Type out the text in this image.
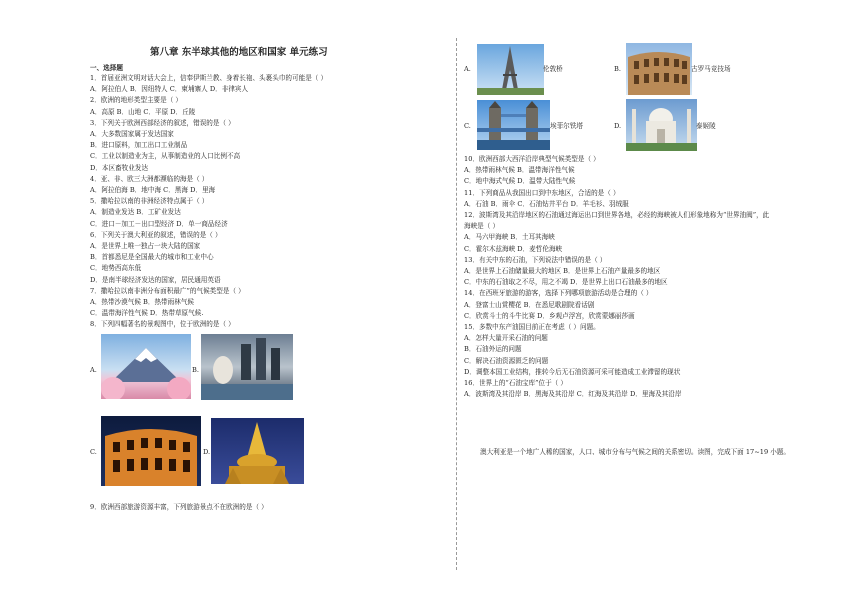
第八章 东半球其他的地区和国家 单元练习
一、选择题
1．首届亚洲文明对话大会上，信奉伊斯兰教、身着长袍、头裹头巾的可能是（ ）
A．阿拉伯人 B．因纽特人 C．柬埔寨人 D．非律宾人
2．欧洲的地形类型主要是（ ）
A．高原 B．山地 C．平原 D．丘陵
3．下列关于欧洲西部经济的叙述，错误的是（ ）
A．大多数国家属于发达国家
B．进口原料，加工出口工业制品
C．工业以制造业为主，从事制造业的人口比例不高
D．本区畜牧业发达
4．亚、非、欧三大洲都濒临的海是（ ）
A．阿拉伯海 B．地中海 C．黑海 D．里海
5．撒哈拉以南的非洲经济特点属于（ ）
A．制造业发达 B．工矿业发达
C．进口－加工－出口型经济 D．单一商品经济
6．下列关于澳大利亚的叙述，错误的是（ ）
A．是世界上唯一独占一块大陆的国家
B．首都悉尼是全国最大的城市和工业中心
C．地势西高东低
D．是南半球经济发达的国家，居民通用英语
7．撒哈拉以南非洲分布面积最广”的气候类型是（ ）
A．热带沙漠气候 B．热带雨林气候
C．温带海洋性气候 D．热带草原气候.
8．下列四幅著名的景观图中，位于欧洲的是（ ）
A.	B.
C.	D.
9．欧洲西部旅游资源丰富，下列旅游景点不在欧洲的是（ ）
A.	伦敦桥	B.	古罗马竞技场
C.	埃菲尔铁塔	D.	泰姬陵
10．欧洲西部大西洋沿岸典型气候类型是（ ）
A．热带雨林气候 B．温带海洋性气候
C．地中海式气候 D．温带大陆性气候
11．下列商品从我国出口到中东地区，合适的是（ ）
A．石油 B．雨伞 C．石油钻井平台 D．羊毛衫、羽绒服
12．波斯湾及其沿岸地区的石油通过海运出口到世界各地，必经的海峡被人们形象地称为“世界油阀”，此
海峡是（ ）
A．马六甲海峡 B．土耳其海峡
C．霍尔木兹海峡 D．麦哲伦海峡
13．有关中东的石油，下列说法中错误的是（ ）
A．是世界上石油储量最大的地区 B．是世界上石油产量最多的地区
C．中东的石油取之不尽，用之不竭 D．是世界上出口石油最多的地区
14．在西班牙旅游的游客，选择下列哪项旅游活动是合理的（ ）
A．登富士山赏樱花 B．在悉尼歌剧院看话剧
C．欣赏斗士的斗牛比赛 D．乡观卢浮宫，欣赏蒙娜丽莎画
15．多数中东产油国目前正在考虑（ ）问题。
A．怎样大量开采石油的问题
B．石油外运的问题
C．解决石油资源匮乏的问题
D．调整本国工业结构，推转今后无石油资源可采可能造成工业滞留的现状
16．世界上的“石油宝库”位于（ ）
A．波斯湾及其沿岸 B．黑海及其沿岸 C．红海及其沿岸 D．里海及其沿岸
澳大利亚是一个地广人稀的国家，人口、城市分布与气候之间的关系密切。读图，完成下面 17~19 小题。
